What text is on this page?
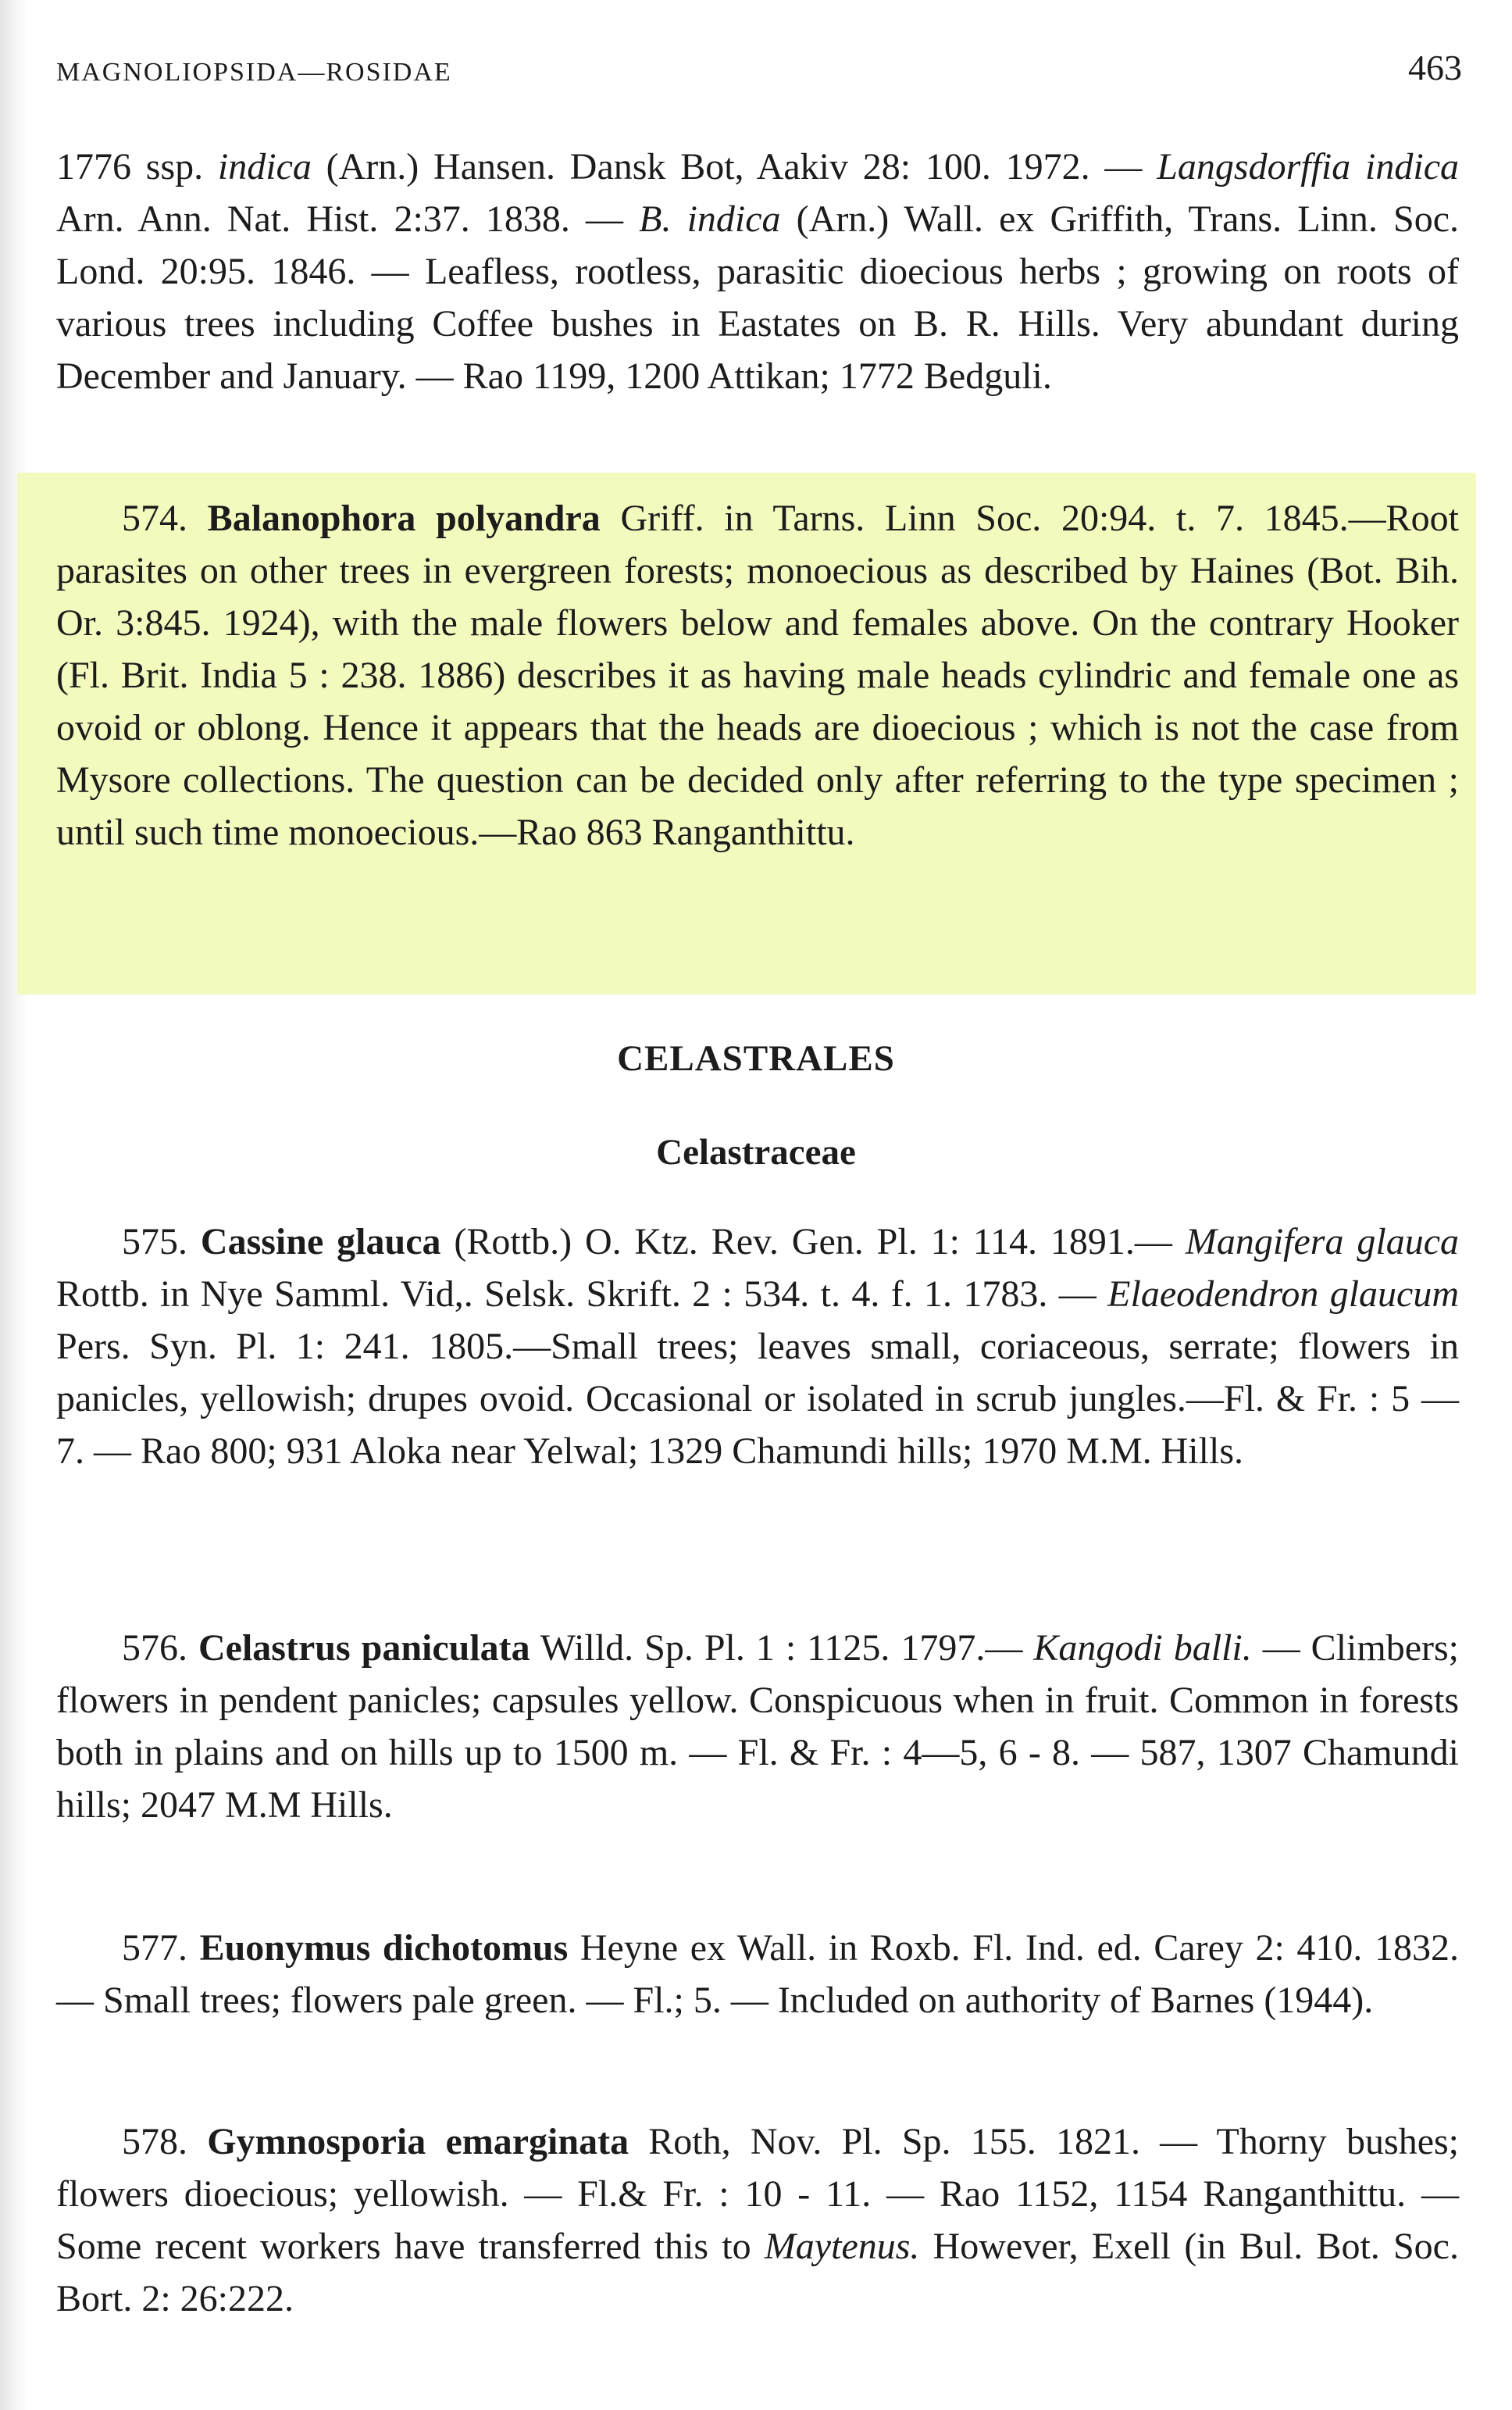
MAGNOLIOPSIDA—ROSIDAE	463

1776 ssp. indica (Arn.) Hansen. Dansk Bot, Aakiv 28: 100. 1972. — Langsdorffia indica Arn. Ann. Nat. Hist. 2:37. 1838. — B. indica (Arn.) Wall. ex Griffith, Trans. Linn. Soc. Lond. 20:95. 1846. — Leafless, rootless, parasitic dioecious herbs ; growing on roots of various trees including Coffee bushes in Eastates on B. R. Hills. Very abundant during December and January. — Rao 1199, 1200 Attikan; 1772 Bedguli.

574. Balanophora polyandra Griff. in Tarns. Linn Soc. 20:94. t. 7. 1845.—Root parasites on other trees in evergreen forests; monoecious as described by Haines (Bot. Bih. Or. 3:845. 1924), with the male flowers below and females above. On the contrary Hooker (Fl. Brit. India 5 : 238. 1886) describes it as having male heads cylindric and female one as ovoid or oblong. Hence it appears that the heads are dioecious ; which is not the case from Mysore collections. The question can be decided only after referring to the type specimen ; until such time monoecious.—Rao 863 Ranganthittu.

CELASTRALES
Celastraceae

575. Cassine glauca (Rottb.) O. Ktz. Rev. Gen. Pl. 1: 114. 1891.— Mangifera glauca Rottb. in Nye Samml. Vid,. Selsk. Skrift. 2 : 534. t. 4. f. 1. 1783. — Elaeodendron glaucum Pers. Syn. Pl. 1: 241. 1805.—Small trees; leaves small, coriaceous, serrate; flowers in panicles, yellowish; drupes ovoid. Occasional or isolated in scrub jungles.—Fl. & Fr. : 5 — 7. — Rao 800; 931 Aloka near Yelwal; 1329 Chamundi hills; 1970 M.M. Hills.

576. Celastrus paniculata Willd. Sp. Pl. 1 : 1125. 1797.— Kangodi balli. — Climbers; flowers in pendent panicles; capsules yellow. Conspicuous when in fruit. Common in forests both in plains and on hills up to 1500 m. — Fl. & Fr. : 4—5, 6 - 8. — 587, 1307 Chamundi hills; 2047 M.M Hills.

577. Euonymus dichotomus Heyne ex Wall. in Roxb. Fl. Ind. ed. Carey 2: 410. 1832. — Small trees; flowers pale green. — Fl.; 5. — Included on authority of Barnes (1944).

578. Gymnosporia emarginata Roth, Nov. Pl. Sp. 155. 1821. — Thorny bushes; flowers dioecious; yellowish. — Fl.& Fr. : 10 - 11. — Rao 1152, 1154 Ranganthittu. — Some recent workers have transferred this to Maytenus. However, Exell (in Bul. Bot. Soc. Bort. 2: 26:222.
